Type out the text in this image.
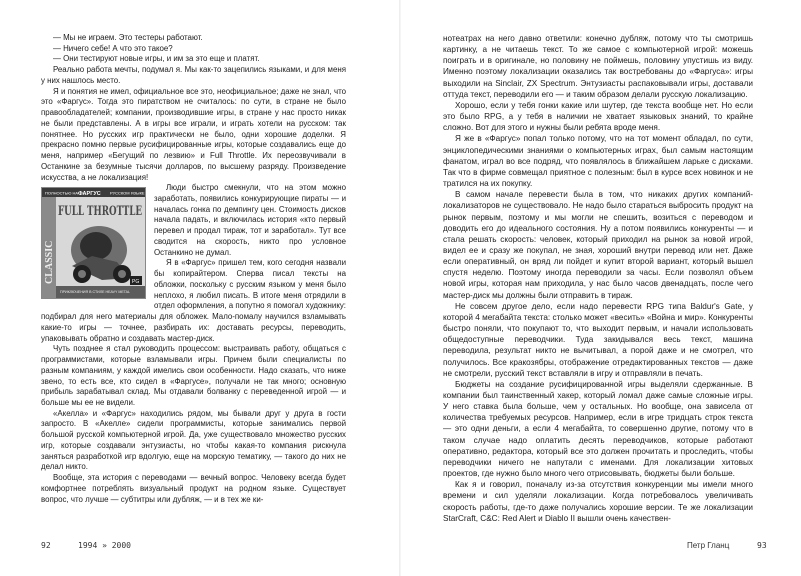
— Мы не играем. Это тестеры работают.

— Ничего себе! А что это такое?

— Они тестируют новые игры, и им за это еще и платят.

Реально работа мечты, подумал я. Мы как-то зацепились языками, и для меня у них нашлось место.

Я и понятия не имел, официальное все это, неофициальное; даже не знал, что это «Фаргус». Тогда это пиратством не считалось: по сути, в стране не было правообладателей; компании, производившие игры, в стране у нас просто никак не были представлены. А в игры все играли, и играть хотели на русском: так понятнее. Но русских игр практически не было, одни хорошие доделки. Я прекрасно помню первые русифицированные игры, которые создавались еще до меня, например «Бегущий по лезвию» и Full Throttle. Их переозвучивали в Останкине за безумные тысячи долларов, по высшему разряду. Произведение искусства, а не локализация!

ПОЛНОСТЬЮ НА ФАРГУС РУССКОМ ЯЗЫКЕ
CLASSIC
FULL THROTTLE
ПРИКЛЮЧЕНИЯ В СТИЛЕ HEAVY METAL
PG

Люди быстро смекнули, что на этом можно заработать, появились конкурирующие пираты — и началась гонка по демпингу цен. Стоимость дисков начала падать, и включилась история «кто первый перевел и продал тираж, тот и заработал». Тут все сводится на скорость, никто про условное Останкино не думал.

Я в «Фаргус» пришел тем, кого сегодня назвали бы копирайтером. Сперва писал тексты на обложки, поскольку с русским языком у меня было неплохо, я любил писать. В итоге меня отрядили в отдел оформления, а попутно я помогал художнику: подбирал для него материалы для обложек. Мало-помалу научился взламывать какие-то игры — точнее, разбирать их: доставать ресурсы, переводить, упаковывать обратно и создавать мастер-диск.

Чуть позднее я стал руководить процессом: выстраивать работу, общаться с программистами, которые взламывали игры. Причем были специалисты по разным компаниям, у каждой имелись свои особенности. Надо сказать, что ниже звено, то есть все, кто сидел в «Фаргусе», получали не так много; основную прибыль зарабатывал склад. Мы отдавали болванку с переведенной игрой — и больше мы ее не видели.

«Акелла» и «Фаргус» находились рядом, мы бывали друг у друга в гости запросто. В «Акелле» сидели программисты, которые занимались первой большой русской компьютерной игрой. Да, уже существовало множество русских игр, которые создавали энтузиасты, но чтобы какая-то компания рискнула заняться разработкой игр вдолгую, еще на морскую тематику, — такого до них не делал никто.

Вообще, эта история с переводами — вечный вопрос. Человеку всегда будет комфортнее потреблять визуальный продукт на родном языке. Существует вопрос, что лучше — субтитры или дубляж, — и в тех же ки-

92	1994 » 2000

нотеатрах на него давно ответили: конечно дубляж, потому что ты смотришь картинку, а не читаешь текст. То же самое с компьютерной игрой: можешь поиграть и в оригинале, но половину не поймешь, половину упустишь из виду. Именно поэтому локализации оказались так востребованы до «Фаргуса»: игры выходили на Sinclair, ZX Spectrum. Энтузиасты распаковывали игры, доставали оттуда текст, переводили его — и таким образом делали русскую локализацию.

Хорошо, если у тебя гонки какие или шутер, где текста вообще нет. Но если это было RPG, а у тебя в наличии не хватает языковых знаний, то крайне сложно. Вот для этого и нужны были ребята вроде меня.

Я же в «Фаргус» попал только потому, что на тот момент обладал, по сути, энциклопедическими знаниями о компьютерных играх, был самым настоящим фанатом, играл во все подряд, что появлялось в ближайшем ларьке с дисками. Так что в фирме совмещал приятное с полезным: был в курсе всех новинок и не тратился на их покупку.

В самом начале перевести была в том, что никаких других компаний-локализаторов не существовало. Не надо было стараться выбросить продукт на рынок первым, поэтому и мы могли не спешить, возиться с переводом и доводить его до идеального состояния. Ну а потом появились конкуренты — и стала решать скорость: человек, который приходил на рынок за новой игрой, видел ее и сразу же покупал, не зная, хороший внутри перевод или нет. Даже если оперативный, он вряд ли пойдет и купит второй вариант, который вышел спустя неделю. Поэтому иногда переводили за часы. Если позволял объем новой игры, которая нам приходила, у нас было часов двенадцать, после чего мастер-диск мы должны были отправить в тираж.

Не совсем другое дело, если надо перевести RPG типа Baldur's Gate, у которой 4 мегабайта текста: столько может «весить» «Война и мир». Конкуренты быстро поняли, что покупают то, что выходит первым, и начали использовать общедоступные переводчики. Туда закидывался весь текст, машина переводила, результат никто не вычитывал, а порой даже и не смотрел, что получилось. Все кракозябры, отображение отредактированных текстов — даже не смотрели, русский текст вставляли в игру и отправляли в печать.

Бюджеты на создание русифицированной игры выделяли сдержанные. В компании был таинственный хакер, который ломал даже самые сложные игры. У него ставка была больше, чем у остальных. Но вообще, она зависела от количества требуемых ресурсов. Например, если в игре тридцать строк текста — это одни деньги, а если 4 мегабайта, то совершенно другие, потому что в таком случае надо оплатить десять переводчиков, которые работают оперативно, редактора, который все это должен прочитать и проследить, чтобы переводчики ничего не напутали с именами. Для локализации хитовых проектов, где нужно было много чего отрисовывать, бюджеты были больше.

Как я и говорил, поначалу из-за отсутствия конкуренции мы имели много времени и сил уделяли локализации. Когда потребовалось увеличивать скорость работы, где-то даже получались хорошие версии. Те же локализации StarCraft, C&C: Red Alert и Diablo II вышли очень качествен-

Петр Гланц	93
